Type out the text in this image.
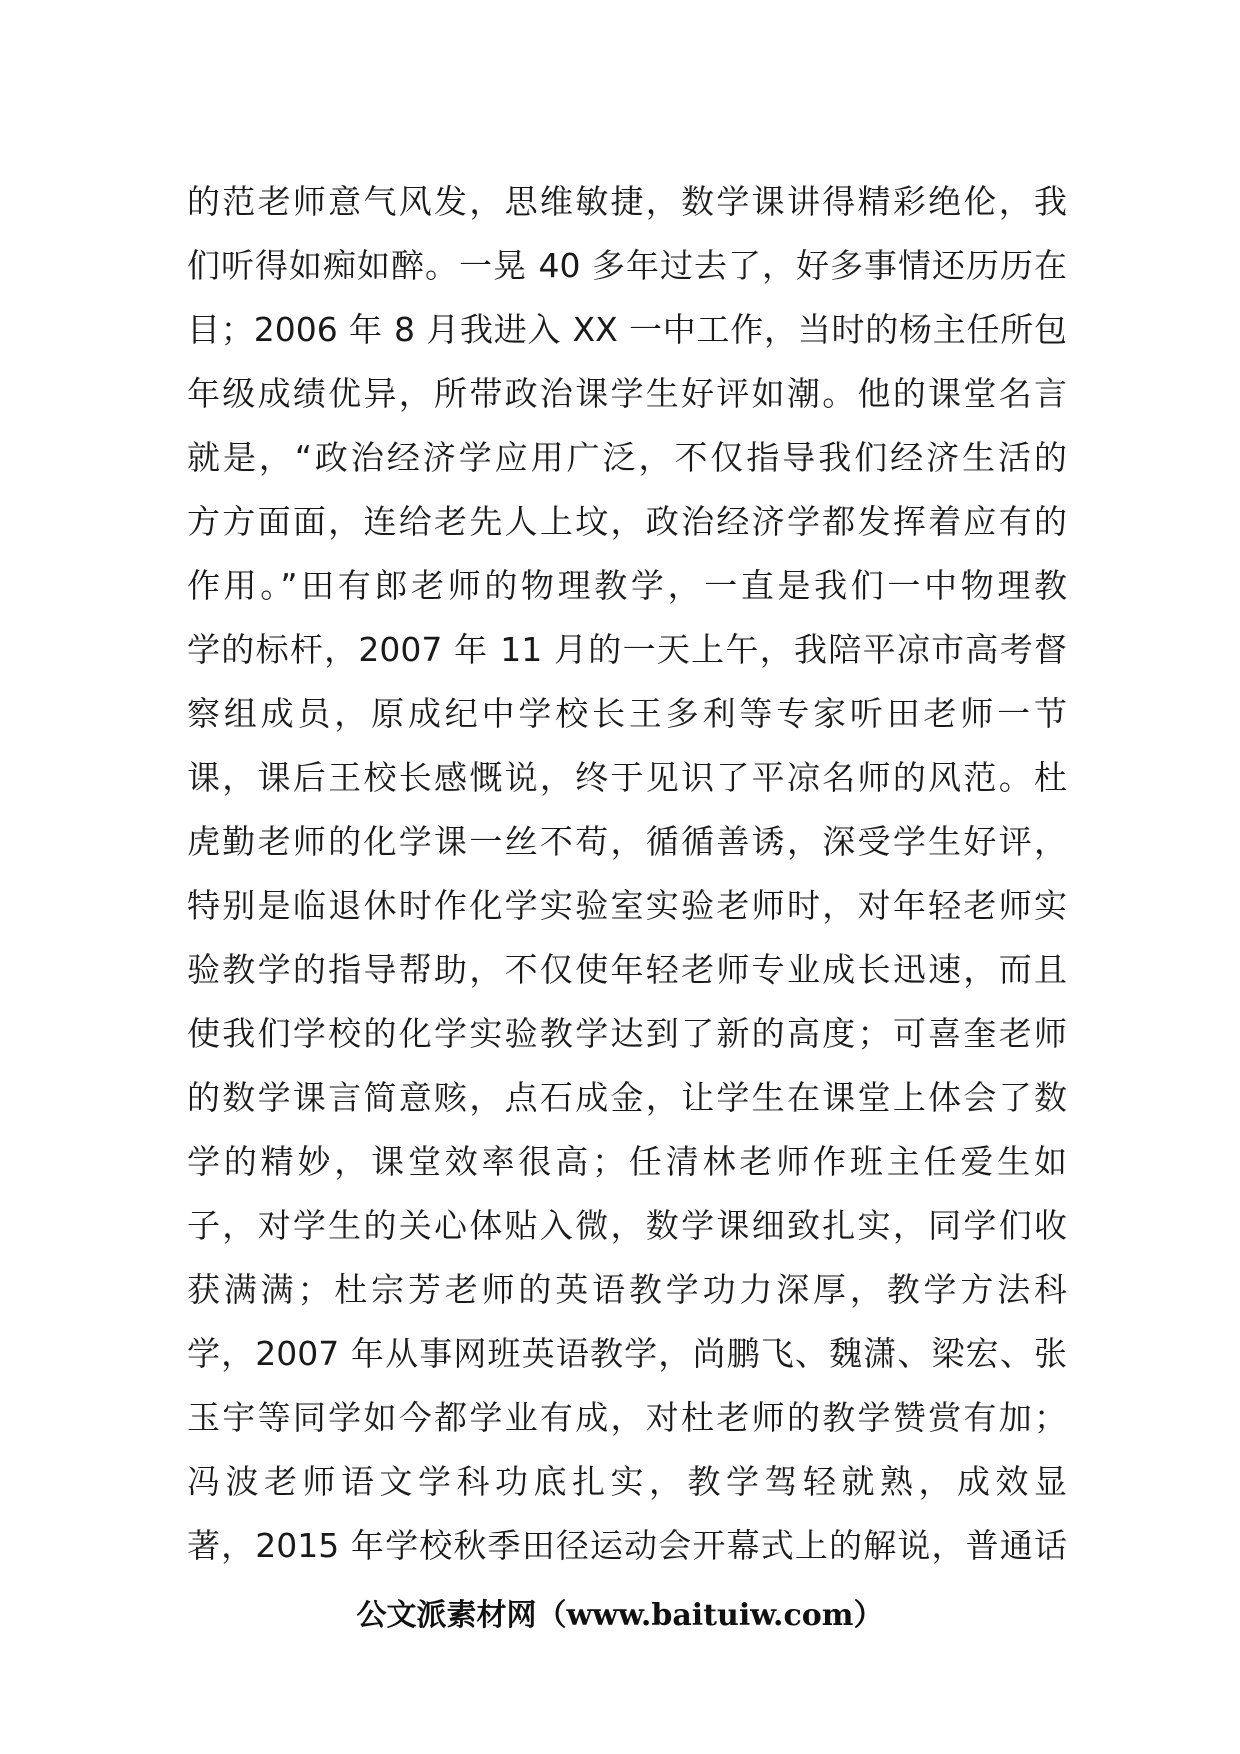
的范老师意气风发，思维敏捷，数学课讲得精彩绝伦，我
们听得如痴如醉。一晃 40 多年过去了，好多事情还历历在
目；2006 年 8 月我进入 XX 一中工作，当时的杨主任所包
年级成绩优异，所带政治课学生好评如潮。他的课堂名言
就是，“政治经济学应用广泛，不仅指导我们经济生活的
方方面面，连给老先人上坟，政治经济学都发挥着应有的
作用。”田有郎老师的物理教学，一直是我们一中物理教
学的标杆，2007 年 11 月的一天上午，我陪平凉市高考督
察组成员，原成纪中学校长王多利等专家听田老师一节
课，课后王校长感慨说，终于见识了平凉名师的风范。杜
虎勤老师的化学课一丝不苟，循循善诱，深受学生好评，
特别是临退休时作化学实验室实验老师时，对年轻老师实
验教学的指导帮助，不仅使年轻老师专业成长迅速，而且
使我们学校的化学实验教学达到了新的高度；可喜奎老师
的数学课言简意赅，点石成金，让学生在课堂上体会了数
学的精妙，课堂效率很高；任清林老师作班主任爱生如
子，对学生的关心体贴入微，数学课细致扎实，同学们收
获满满；杜宗芳老师的英语教学功力深厚，教学方法科
学，2007 年从事网班英语教学，尚鹏飞、魏潇、梁宏、张
玉宇等同学如今都学业有成，对杜老师的教学赞赏有加；
冯波老师语文学科功底扎实，教学驾轻就熟，成效显
著，2015 年学校秋季田径运动会开幕式上的解说，普通话
公文派素材网（www.baituiw.com）
